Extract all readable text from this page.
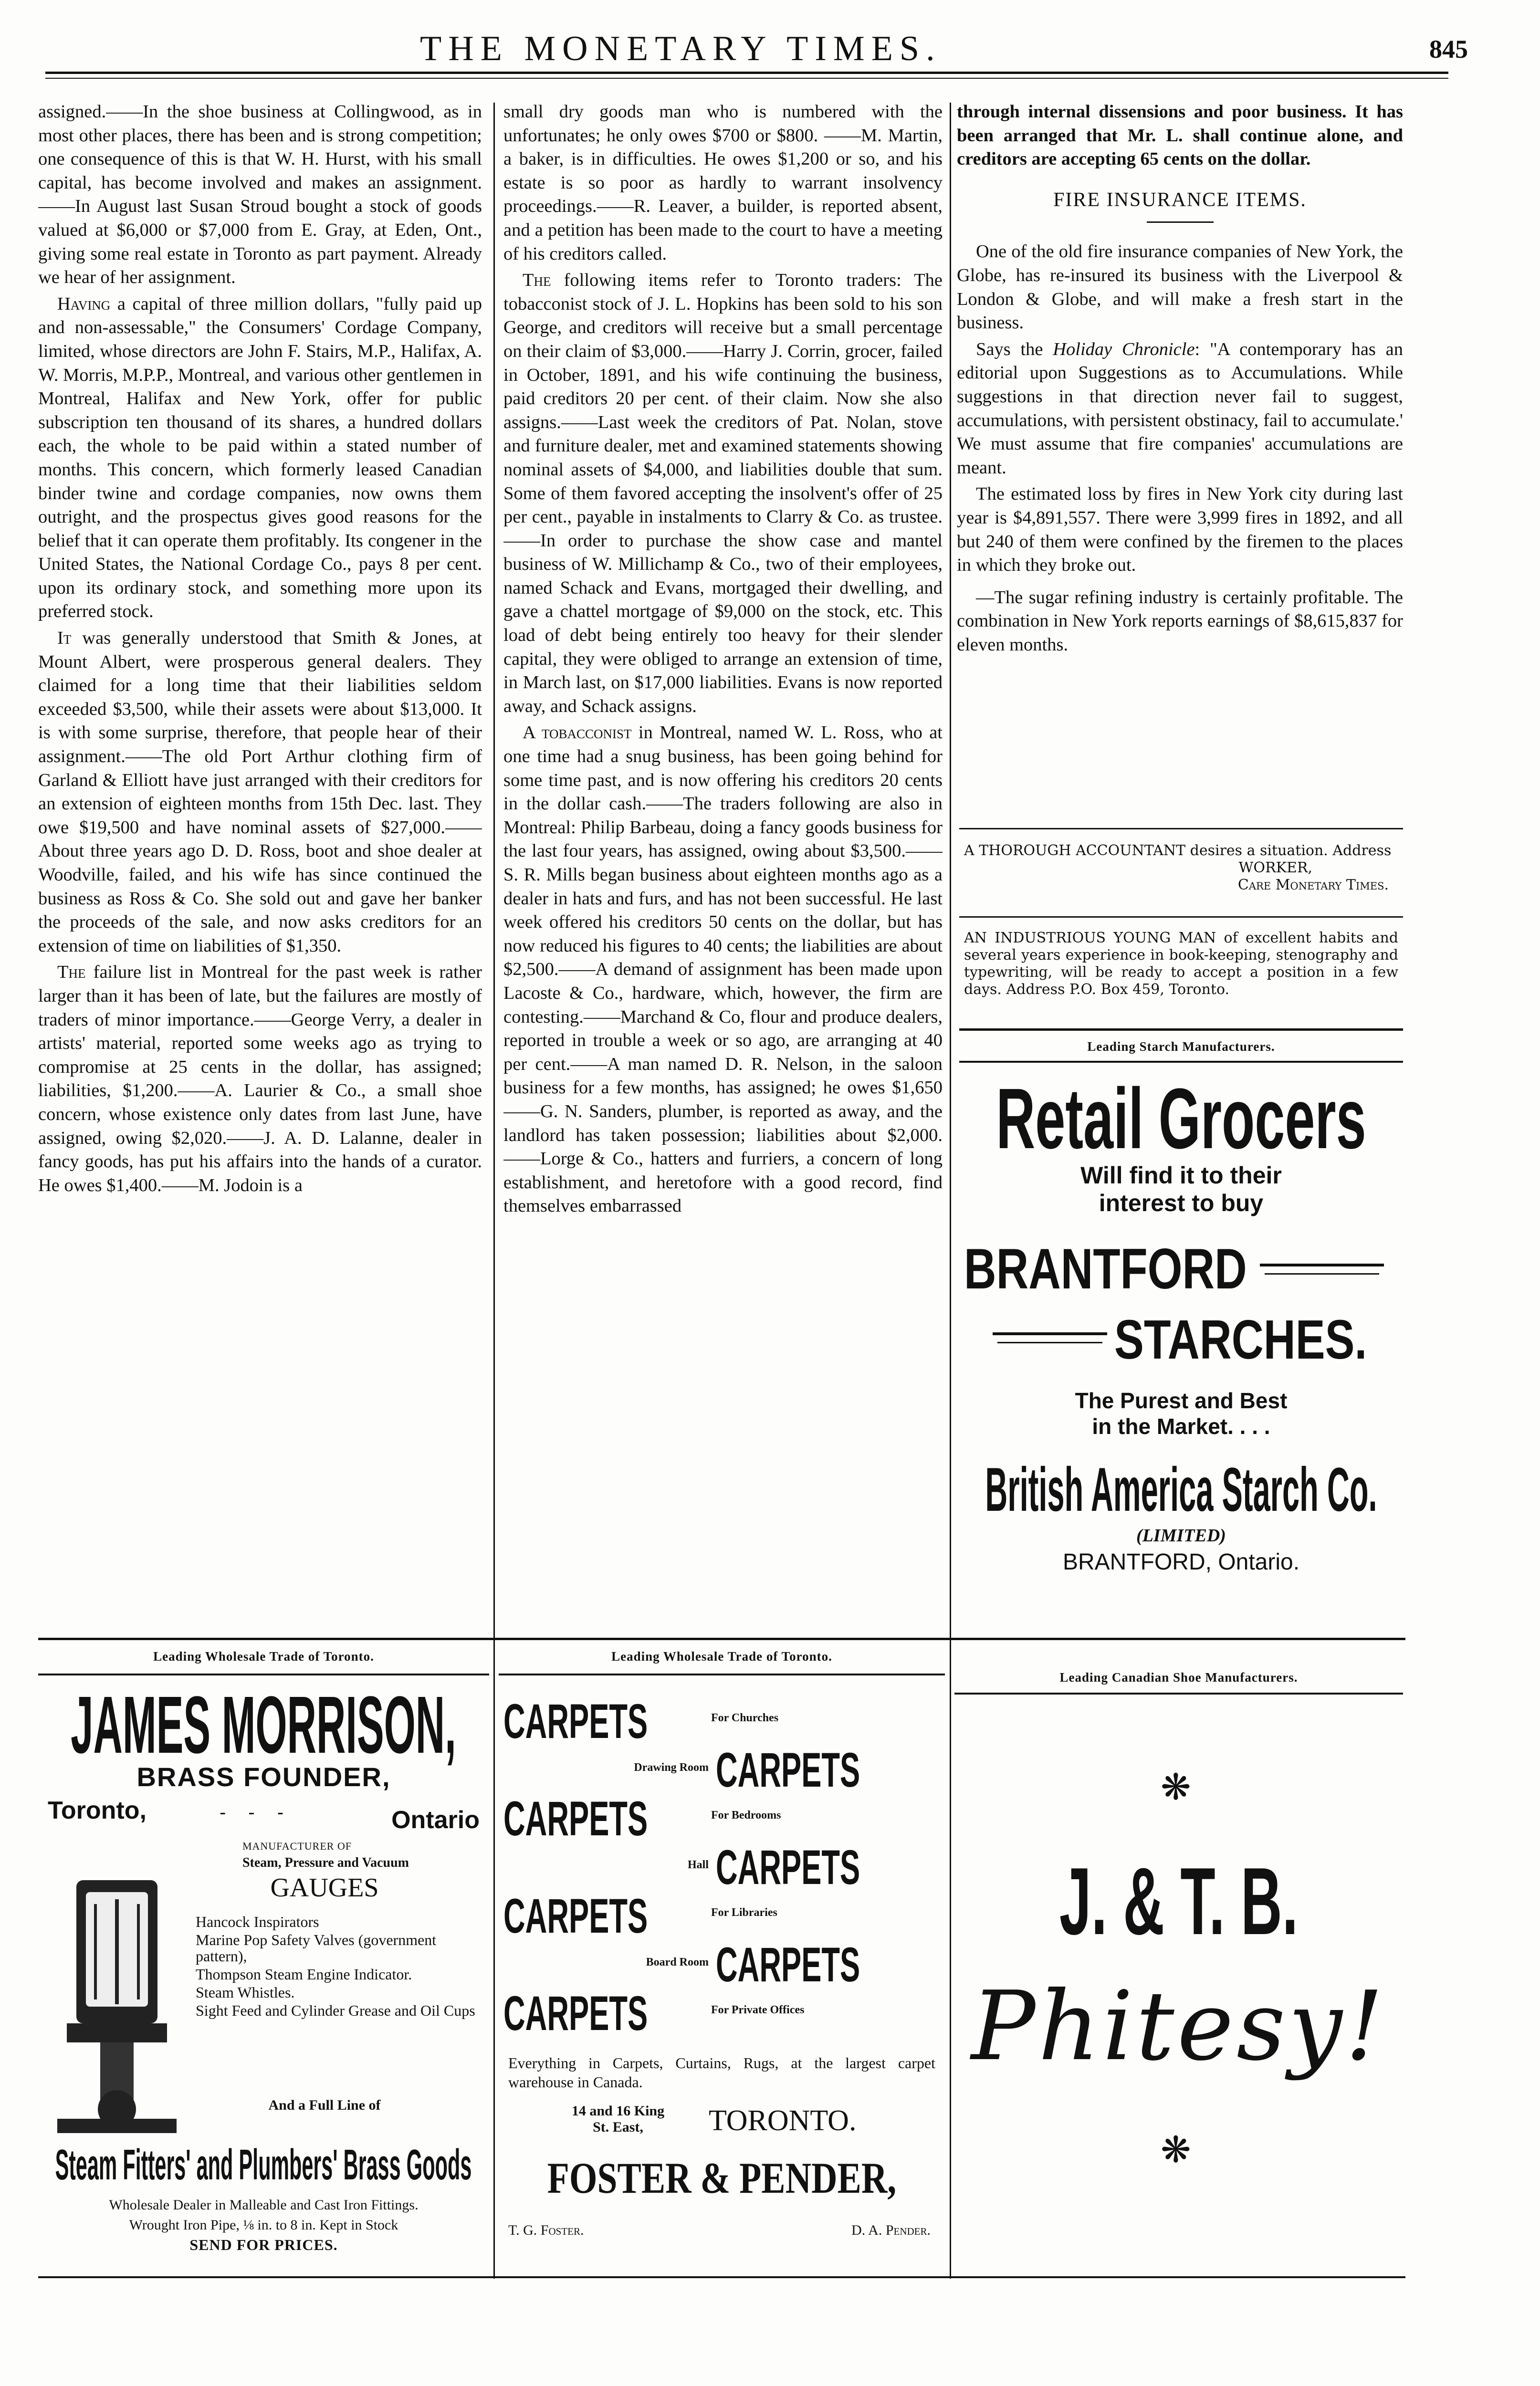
THE MONETARY TIMES.	845

assigned.——In the shoe business at Collingwood, as in most other places, there has been and is strong competition; one consequence of this is that W. H. Hurst, with his small capital, has become involved and makes an assignment.——In August last Susan Stroud bought a stock of goods valued at $6,000 or $7,000 from E. Gray, at Eden, Ont., giving some real estate in Toronto as part payment. Already we hear of her assignment.

Having a capital of three million dollars, "fully paid up and non-assessable," the Consumers' Cordage Company, limited, whose directors are John F. Stairs, M.P., Halifax, A. W. Morris, M.P.P., Montreal, and various other gentlemen in Montreal, Halifax and New York, offer for public subscription ten thousand of its shares, a hundred dollars each, the whole to be paid within a stated number of months. This concern, which formerly leased Canadian binder twine and cordage companies, now owns them outright, and the prospectus gives good reasons for the belief that it can operate them profitably. Its congener in the United States, the National Cordage Co., pays 8 per cent. upon its ordinary stock, and something more upon its preferred stock.

It was generally understood that Smith & Jones, at Mount Albert, were prosperous general dealers. They claimed for a long time that their liabilities seldom exceeded $3,500, while their assets were about $13,000. It is with some surprise, therefore, that people hear of their assignment.——The old Port Arthur clothing firm of Garland & Elliott have just arranged with their creditors for an extension of eighteen months from 15th Dec. last. They owe $19,500 and have nominal assets of $27,000.——About three years ago D. D. Ross, boot and shoe dealer at Woodville, failed, and his wife has since continued the business as Ross & Co. She sold out and gave her banker the proceeds of the sale, and now asks creditors for an extension of time on liabilities of $1,350.

The failure list in Montreal for the past week is rather larger than it has been of late, but the failures are mostly of traders of minor importance.——George Verry, a dealer in artists' material, reported some weeks ago as trying to compromise at 25 cents in the dollar, has assigned; liabilities, $1,200.——A. Laurier & Co., a small shoe concern, whose existence only dates from last June, have assigned, owing $2,020.——J. A. D. Lalanne, dealer in fancy goods, has put his affairs into the hands of a curator. He owes $1,400.——M. Jodoin is a

small dry goods man who is numbered with the unfortunates; he only owes $700 or $800. ——M. Martin, a baker, is in difficulties. He owes $1,200 or so, and his estate is so poor as hardly to warrant insolvency proceedings.——R. Leaver, a builder, is reported absent, and a petition has been made to the court to have a meeting of his creditors called.

The following items refer to Toronto traders: The tobacconist stock of J. L. Hopkins has been sold to his son George, and creditors will receive but a small percentage on their claim of $3,000.——Harry J. Corrin, grocer, failed in October, 1891, and his wife continuing the business, paid creditors 20 per cent. of their claim. Now she also assigns.——Last week the creditors of Pat. Nolan, stove and furniture dealer, met and examined statements showing nominal assets of $4,000, and liabilities double that sum. Some of them favored accepting the insolvent's offer of 25 per cent., payable in instalments to Clarry & Co. as trustee.——In order to purchase the show case and mantel business of W. Millichamp & Co., two of their employees, named Schack and Evans, mortgaged their dwelling, and gave a chattel mortgage of $9,000 on the stock, etc. This load of debt being entirely too heavy for their slender capital, they were obliged to arrange an extension of time, in March last, on $17,000 liabilities. Evans is now reported away, and Schack assigns.

A tobacconist in Montreal, named W. L. Ross, who at one time had a snug business, has been going behind for some time past, and is now offering his creditors 20 cents in the dollar cash.——The traders following are also in Montreal: Philip Barbeau, doing a fancy goods business for the last four years, has assigned, owing about $3,500.——S. R. Mills began business about eighteen months ago as a dealer in hats and furs, and has not been successful. He last week offered his creditors 50 cents on the dollar, but has now reduced his figures to 40 cents; the liabilities are about $2,500.——A demand of assignment has been made upon Lacoste & Co., hardware, which, however, the firm are contesting.——Marchand & Co, flour and produce dealers, reported in trouble a week or so ago, are arranging at 40 per cent.——A man named D. R. Nelson, in the saloon business for a few months, has assigned; he owes $1,650——G. N. Sanders, plumber, is reported as away, and the landlord has taken possession; liabilities about $2,000. ——Lorge & Co., hatters and furriers, a concern of long establishment, and heretofore with a good record, find themselves embarrassed

through internal dissensions and poor business. It has been arranged that Mr. L. shall continue alone, and creditors are accepting 65 cents on the dollar.

FIRE INSURANCE ITEMS.

One of the old fire insurance companies of New York, the Globe, has re-insured its business with the Liverpool & London & Globe, and will make a fresh start in the business.

Says the Holiday Chronicle: "A contemporary has an editorial upon Suggestions as to Accumulations. While suggestions in that direction never fail to suggest, accumulations, with persistent obstinacy, fail to accumulate.' We must assume that fire companies' accumulations are meant.

The estimated loss by fires in New York city during last year is $4,891,557. There were 3,999 fires in 1892, and all but 240 of them were confined by the firemen to the places in which they broke out.

—The sugar refining industry is certainly profitable. The combination in New York reports earnings of $8,615,837 for eleven months.

A THOROUGH ACCOUNTANT desires a situation. Address
WORKER,
Care Monetary Times.
AN INDUSTRIOUS YOUNG MAN of excellent habits and several years experience in book-keeping, stenography and typewriting, will be ready to accept a position in a few days. Address P.O. Box 459, Toronto.
Leading Starch Manufacturers.
Retail Grocers
Will find it to their
interest to buy
BRANTFORD
STARCHES.
The Purest and Best
in the Market. . . .
British America Starch Co.
(LIMITED)
BRANTFORD, Ontario.
Leading Wholesale Trade of Toronto.
JAMES MORRISON,
BRASS FOUNDER,
Toronto,	- - -	Ontario
MANUFACTURER OF
Steam, Pressure and Vacuum
GAUGES
Hancock Inspirators
Marine Pop Safety Valves (government pattern),
Thompson Steam Engine Indicator.
Steam Whistles.
Sight Feed and Cylinder Grease and Oil Cups
And a Full Line of
Steam Fitters' and Plumbers' Brass Goods
Wholesale Dealer in Malleable and Cast Iron Fittings.
Wrought Iron Pipe, ⅛ in. to 8 in. Kept in Stock
SEND FOR PRICES.
Leading Wholesale Trade of Toronto.
CARPETS	For Churches
Drawing Room CARPETS
CARPETS	For Bedrooms
Hall CARPETS
CARPETS	For Libraries
Board Room CARPETS
CARPETS	For Private Offices
Everything in Carpets, Curtains, Rugs, at the largest carpet warehouse in Canada.
14 and 16 King
St. East,	TORONTO.
FOSTER & PENDER,
T. G. Foster.	D. A. Pender.
Leading Canadian Shoe Manufacturers.
❋
J. & T. B.
Phitesy!
❋
